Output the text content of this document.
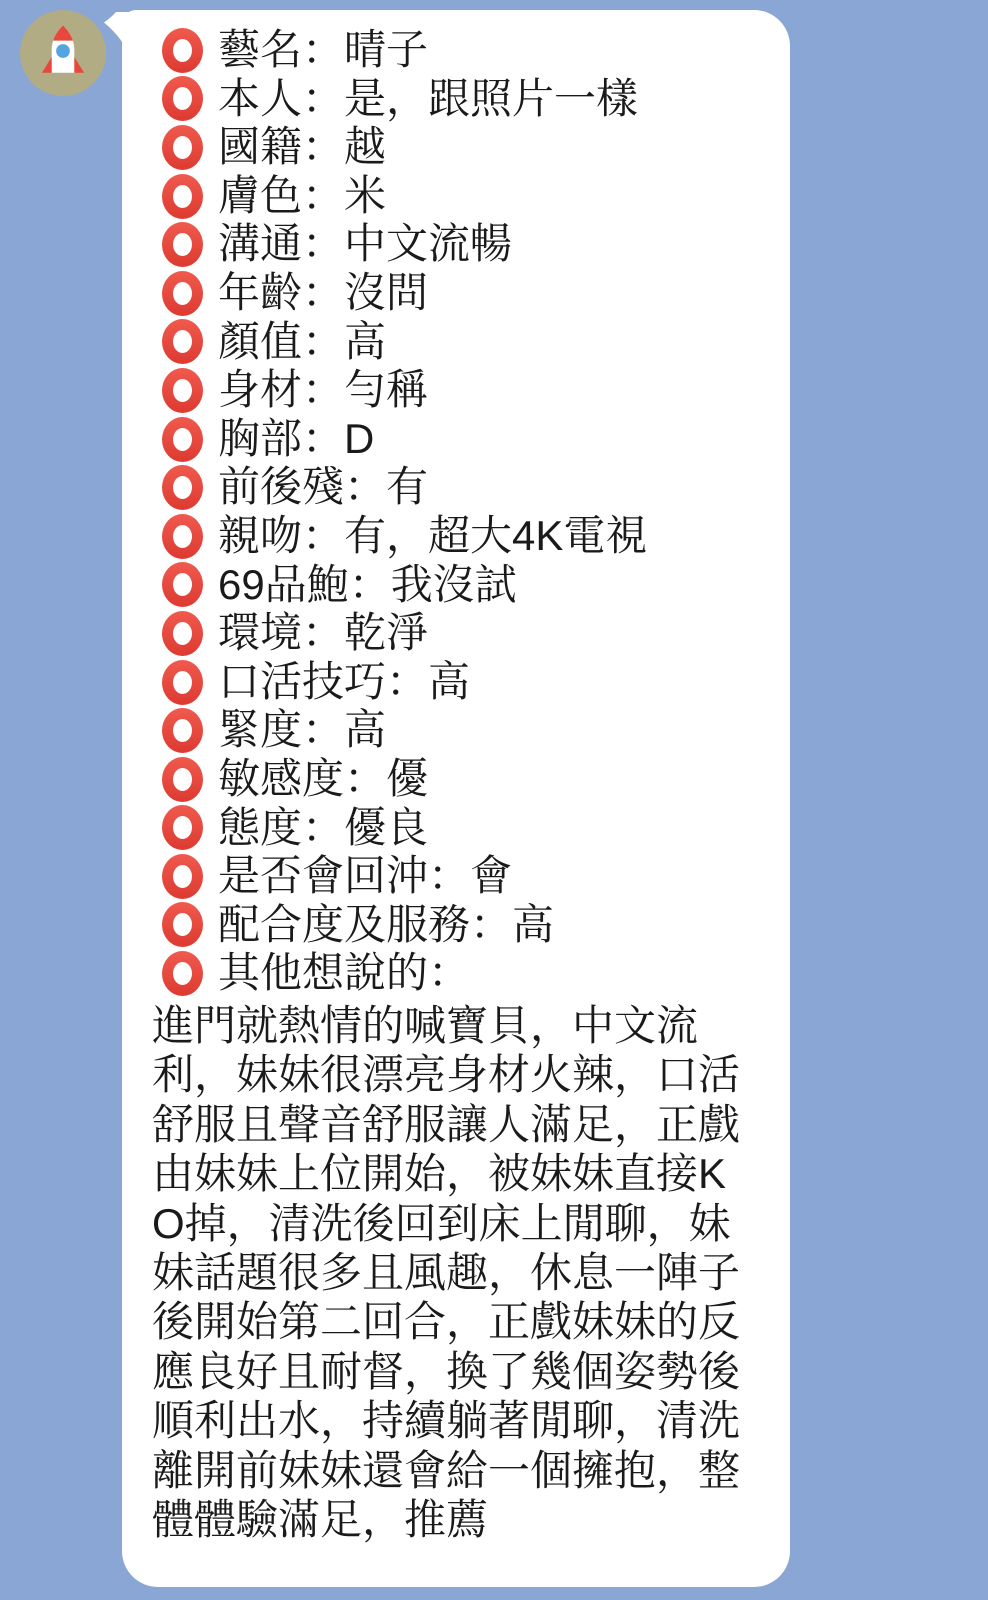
藝名：晴子
本人：是，跟照片一樣
國籍：越
膚色：米
溝通：中文流暢
年齡：沒問
顏值：高
身材：勻稱
胸部：D
前後殘：有
親吻：有，超大4K電視
69品鮑：我沒試
環境：乾淨
口活技巧：高
緊度：高
敏感度：優
態度：優良
是否會回沖：會
配合度及服務：高
其他想說的：
進門就熱情的喊寶貝，中文流利，妹妹很漂亮身材火辣，口活舒服且聲音舒服讓人滿足，正戲由妹妹上位開始，被妹妹直接KO掉，清洗後回到床上閒聊，妹妹話題很多且風趣，休息一陣子後開始第二回合，正戲妹妹的反應良好且耐督，換了幾個姿勢後順利出水，持續躺著閒聊，清洗離開前妹妹還會給一個擁抱，整體體驗滿足，推薦
